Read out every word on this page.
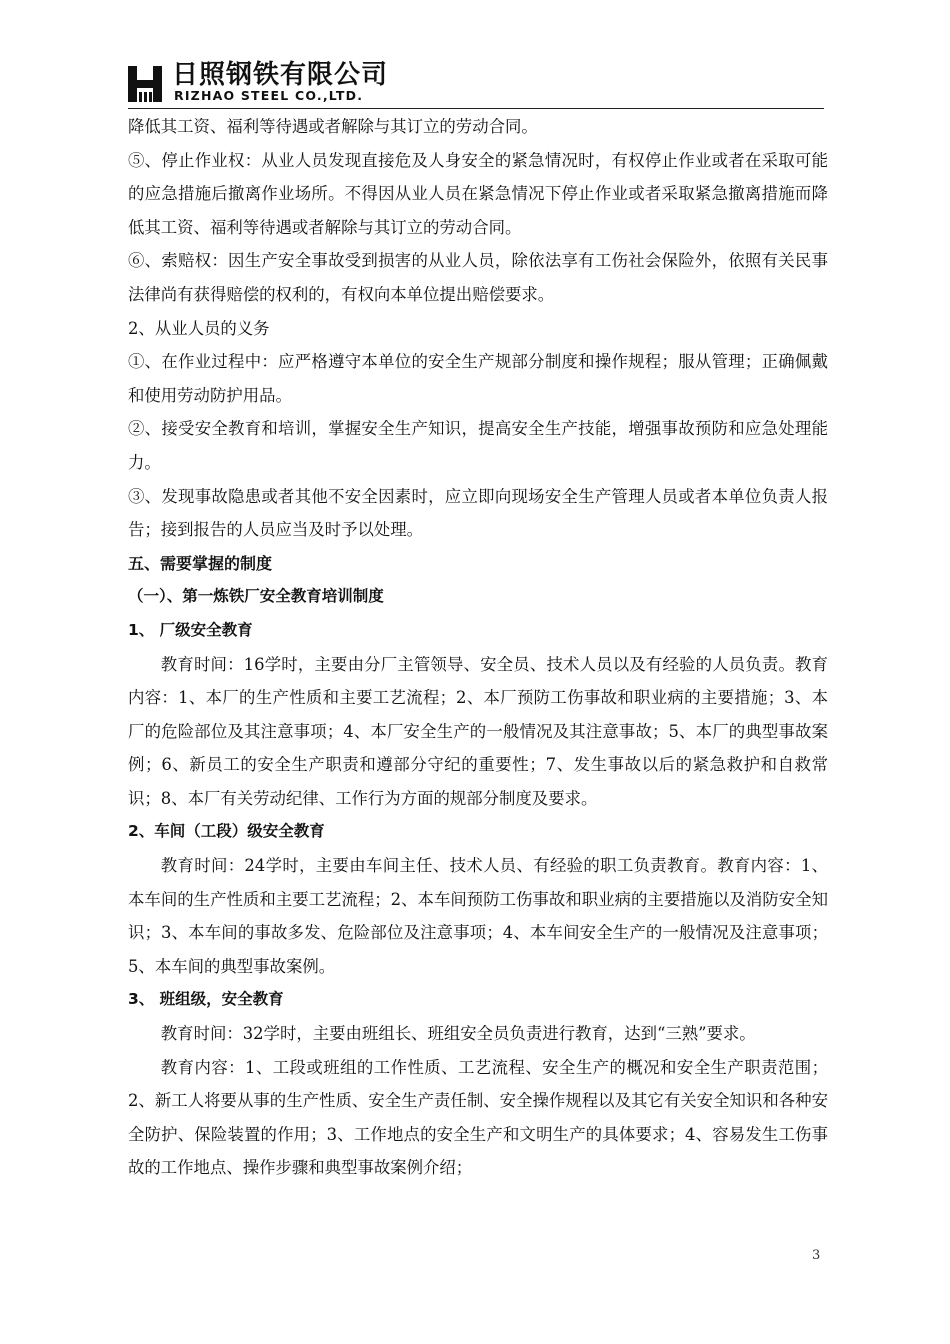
日照钢铁有限公司
RIZHAO STEEL CO.,LTD.

降低其工资、福利等待遇或者解除与其订立的劳动合同。

⑤、停止作业权：从业人员发现直接危及人身安全的紧急情况时，有权停止作业或者在采取可能的应急措施后撤离作业场所。不得因从业人员在紧急情况下停止作业或者采取紧急撤离措施而降低其工资、福利等待遇或者解除与其订立的劳动合同。

⑥、索赔权：因生产安全事故受到损害的从业人员，除依法享有工伤社会保险外，依照有关民事法律尚有获得赔偿的权利的，有权向本单位提出赔偿要求。

2、从业人员的义务

①、在作业过程中：应严格遵守本单位的安全生产规部分制度和操作规程；服从管理；正确佩戴和使用劳动防护用品。

②、接受安全教育和培训，掌握安全生产知识，提高安全生产技能，增强事故预防和应急处理能力。

③、发现事故隐患或者其他不安全因素时，应立即向现场安全生产管理人员或者本单位负责人报告；接到报告的人员应当及时予以处理。

五、需要掌握的制度

（一）、第一炼铁厂安全教育培训制度

1、 厂级安全教育

教育时间：16学时，主要由分厂主管领导、安全员、技术人员以及有经验的人员负责。教育内容：1、本厂的生产性质和主要工艺流程；2、本厂预防工伤事故和职业病的主要措施；3、本厂的危险部位及其注意事项；4、本厂安全生产的一般情况及其注意事故；5、本厂的典型事故案例；6、新员工的安全生产职责和遵部分守纪的重要性；7、发生事故以后的紧急救护和自救常识；8、本厂有关劳动纪律、工作行为方面的规部分制度及要求。

2、车间（工段）级安全教育

教育时间：24学时，主要由车间主任、技术人员、有经验的职工负责教育。教育内容：1、本车间的生产性质和主要工艺流程；2、本车间预防工伤事故和职业病的主要措施以及消防安全知识；3、本车间的事故多发、危险部位及注意事项；4、本车间安全生产的一般情况及注意事项；5、本车间的典型事故案例。

3、 班组级，安全教育

教育时间：32学时，主要由班组长、班组安全员负责进行教育，达到“三熟”要求。

教育内容：1、工段或班组的工作性质、工艺流程、安全生产的概况和安全生产职责范围；2、新工人将要从事的生产性质、安全生产责任制、安全操作规程以及其它有关安全知识和各种安全防护、保险装置的作用；3、工作地点的安全生产和文明生产的具体要求；4、容易发生工伤事故的工作地点、操作步骤和典型事故案例介绍；

3
